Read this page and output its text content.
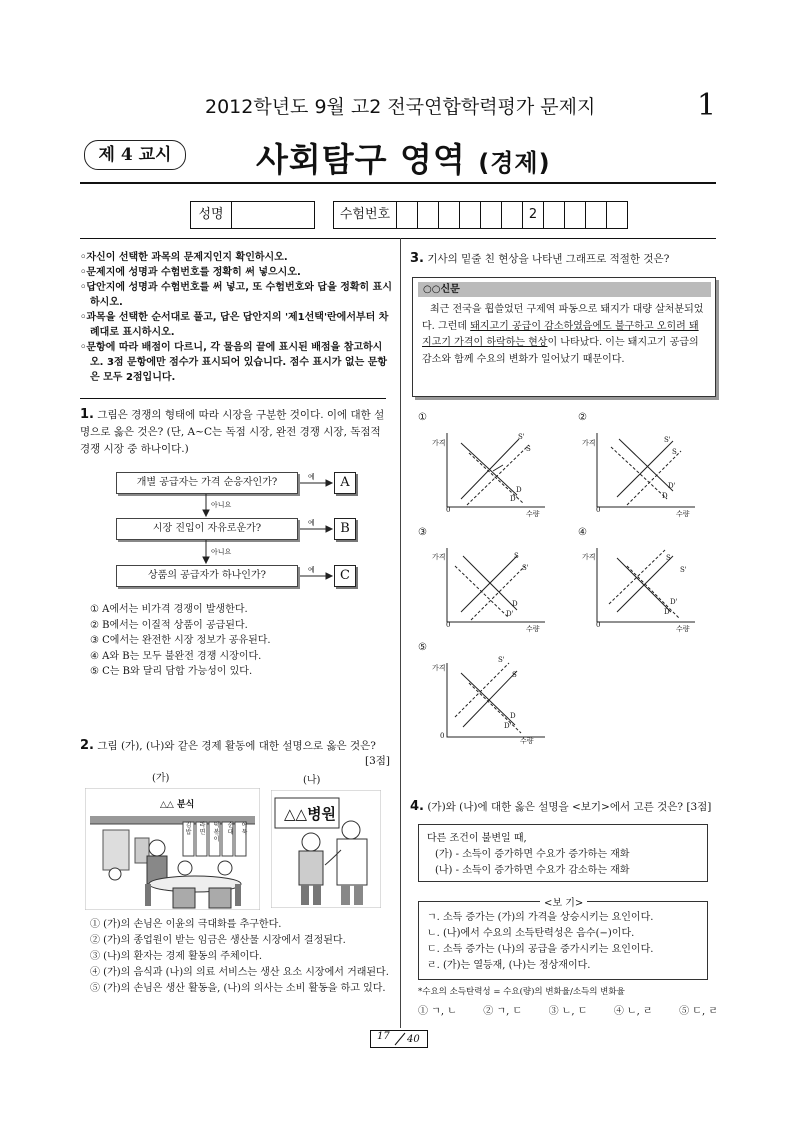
2012학년도 9월 고2 전국연합학력평가 문제지	1
제 4 교시	사회탐구 영역 (경제)
성명	수험번호	2
◦자신이 선택한 과목의 문제지인지 확인하시오.
◦문제지에 성명과 수험번호를 정확히 써 넣으시오.
◦답안지에 성명과 수험번호를 써 넣고, 또 수험번호와 답을 정확히 표시하시오.
◦과목을 선택한 순서대로 풀고, 답은 답안지의 '제1선택'란에서부터 차례대로 표시하시오.
◦문항에 따라 배점이 다르니, 각 물음의 끝에 표시된 배점을 참고하시오. 3점 문항에만 점수가 표시되어 있습니다. 점수 표시가 없는 문항은 모두 2점입니다.
1. 그림은 경쟁의 형태에 따라 시장을 구분한 것이다. 이에 대한 설명으로 옳은 것은? (단, A~C는 독점 시장, 완전 경쟁 시장, 독점적 경쟁 시장 중 하나이다.)
개별 공급자는 가격 순응자인가?
시장 진입이 자유로운가?
상품의 공급자가 하나인가?
A
B
C
예
예
예
아니요
아니요
① A에서는 비가격 경쟁이 발생한다.
② B에서는 이질적 상품이 공급된다.
③ C에서는 완전한 시장 정보가 공유된다.
④ A와 B는 모두 불완전 경쟁 시장이다.
⑤ C는 B와 달리 담합 가능성이 있다.
2. 그림 (가), (나)와 같은 경제 활동에 대한 설명으로 옳은 것은?
[3점]
(가)	(나)
△△ 분식
김밥
라면
떡볶이
순대
어묵
△△병원
① (가)의 손님은 이윤의 극대화를 추구한다.
② (가)의 종업원이 받는 임금은 생산물 시장에서 결정된다.
③ (나)의 환자는 경제 활동의 주체이다.
④ (가)의 음식과 (나)의 의료 서비스는 생산 요소 시장에서 거래된다.
⑤ (가)의 손님은 생산 활동을, (나)의 의사는 소비 활동을 하고 있다.
3. 기사의 밑줄 친 현상을 나타낸 그래프로 적절한 것은?
○○신문
최근 전국을 휩쓸었던 구제역 파동으로 돼지가 대량 살처분되었다. 그런데 돼지고기 공급이 감소하였음에도 불구하고 오히려 돼지고기 가격이 하락하는 현상이 나타났다. 이는 돼지고기 공급의 감소와 함께 수요의 변화가 일어났기 때문이다.
①	②
③	④
⑤
가격	가격
가격	가격
가격
수량	수량
수량	수량
수량
0	0
0	0
0
S'
S
D
D'
S'
S
D'
D
S
S'
D
D'
S
S'
D'
D
S'
S
D
D'
4. (가)와 (나)에 대한 옳은 설명을 <보기>에서 고른 것은? [3점]
다른 조건이 불변일 때,
(가) - 소득이 증가하면 수요가 증가하는 재화
(나) - 소득이 증가하면 수요가 감소하는 재화
ㄱ. 소득 증가는 (가)의 가격을 상승시키는 요인이다.
ㄴ. (나)에서 수요의 소득탄력성은 음수(−)이다.
ㄷ. 소득 증가는 (나)의 공급을 증가시키는 요인이다.
ㄹ. (가)는 열등재, (나)는 정상재이다.
<보 기>
*수요의 소득탄력성 = 수요(량)의 변화율/소득의 변화율
① ㄱ, ㄴ	② ㄱ, ㄷ	③ ㄴ, ㄷ	④ ㄴ, ㄹ	⑤ ㄷ, ㄹ
17 40
